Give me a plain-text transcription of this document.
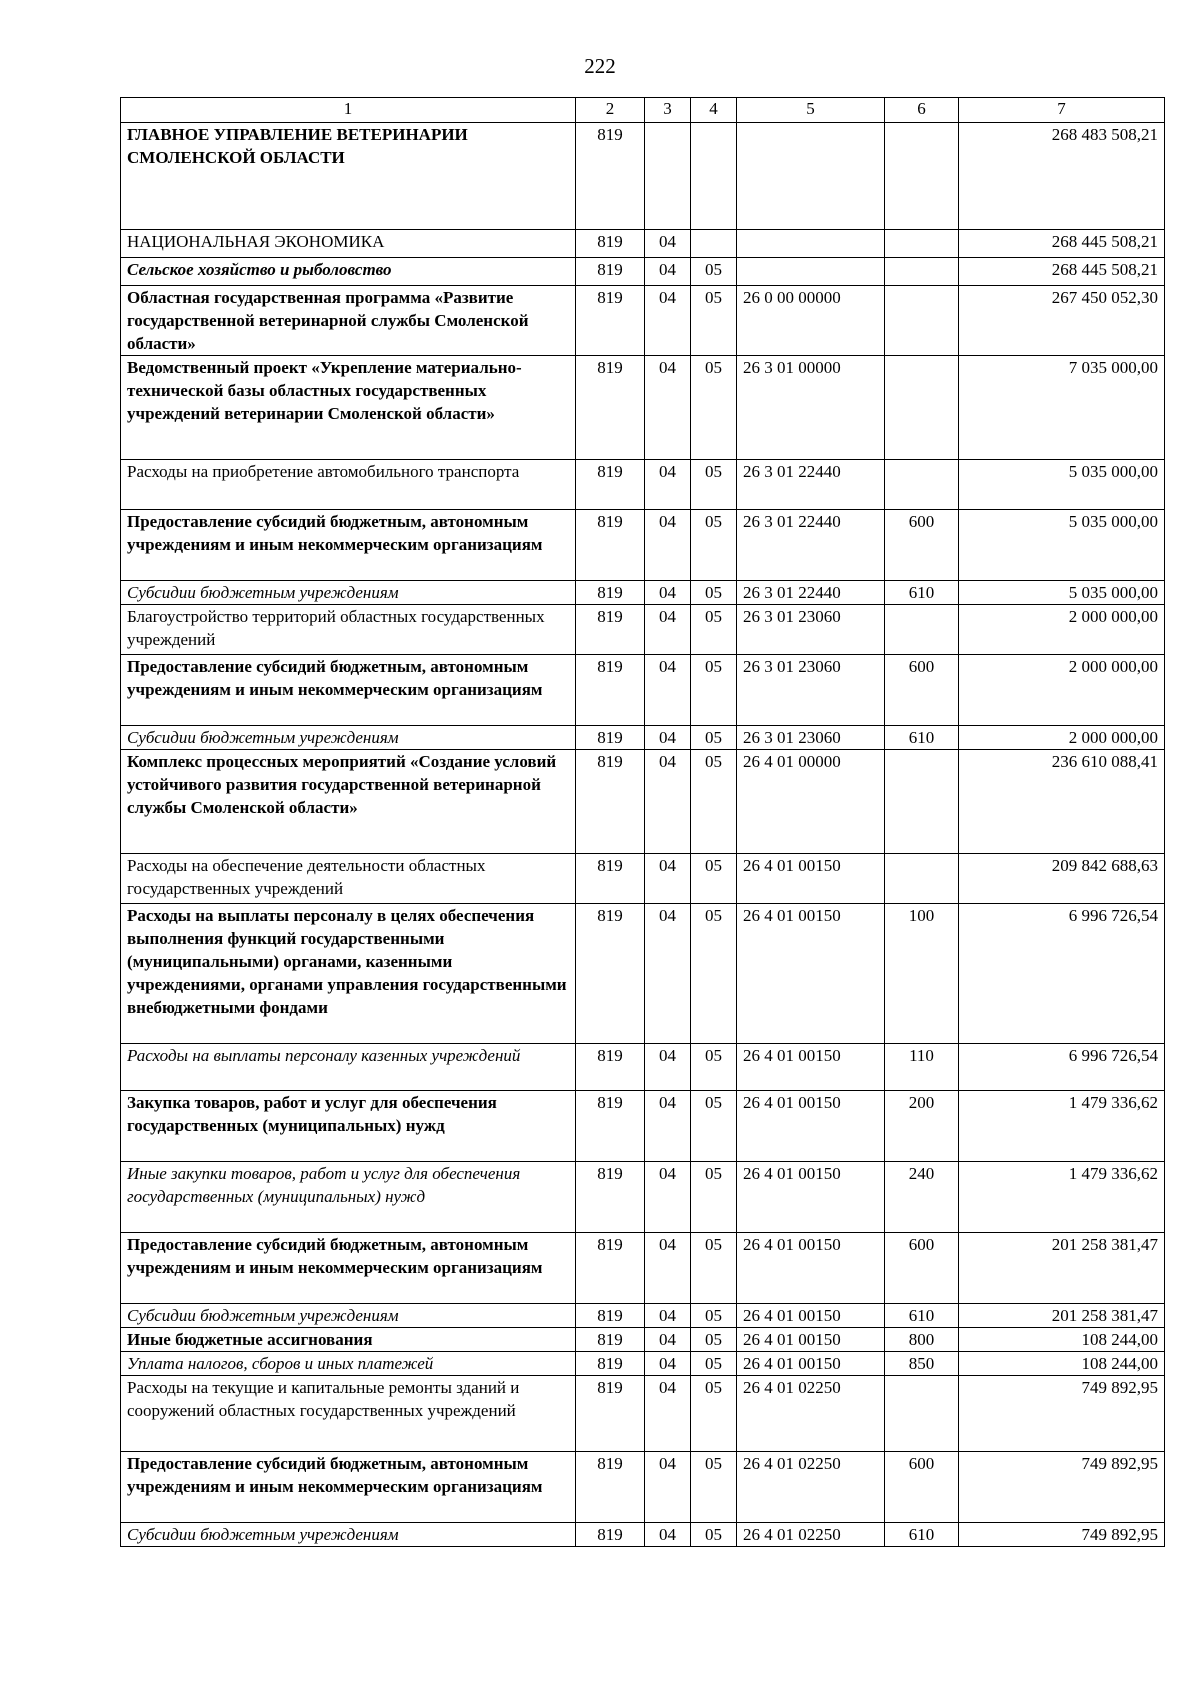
222
1	2	3	4	5	6	7
ГЛАВНОЕ УПРАВЛЕНИЕ ВЕТЕРИНАРИИ СМОЛЕНСКОЙ ОБЛАСТИ	819					268 483 508,21
НАЦИОНАЛЬНАЯ ЭКОНОМИКА	819	04				268 445 508,21
Сельское хозяйство и рыболовство	819	04	05			268 445 508,21
Областная государственная программа «Развитие государственной ветеринарной службы Смоленской области»	819	04	05	26 0 00 00000		267 450 052,30
Ведомственный проект «Укрепление материально-технической базы областных государственных учреждений ветеринарии Смоленской области»	819	04	05	26 3 01 00000		7 035 000,00
Расходы на приобретение автомобильного транспорта	819	04	05	26 3 01 22440		5 035 000,00
Предоставление субсидий бюджетным, автономным учреждениям и иным некоммерческим организациям	819	04	05	26 3 01 22440	600	5 035 000,00
Субсидии бюджетным учреждениям	819	04	05	26 3 01 22440	610	5 035 000,00
Благоустройство территорий областных государственных учреждений	819	04	05	26 3 01 23060		2 000 000,00
Предоставление субсидий бюджетным, автономным учреждениям и иным некоммерческим организациям	819	04	05	26 3 01 23060	600	2 000 000,00
Субсидии бюджетным учреждениям	819	04	05	26 3 01 23060	610	2 000 000,00
Комплекс процессных мероприятий «Создание условий устойчивого развития государственной ветеринарной службы Смоленской области»	819	04	05	26 4 01 00000		236 610 088,41
Расходы на обеспечение деятельности областных государственных учреждений	819	04	05	26 4 01 00150		209 842 688,63
Расходы на выплаты персоналу в целях обеспечения выполнения функций государственными (муниципальными) органами, казенными учреждениями, органами управления государственными внебюджетными фондами	819	04	05	26 4 01 00150	100	6 996 726,54
Расходы на выплаты персоналу казенных учреждений	819	04	05	26 4 01 00150	110	6 996 726,54
Закупка товаров, работ и услуг для обеспечения государственных (муниципальных) нужд	819	04	05	26 4 01 00150	200	1 479 336,62
Иные закупки товаров, работ и услуг для обеспечения государственных (муниципальных) нужд	819	04	05	26 4 01 00150	240	1 479 336,62
Предоставление субсидий бюджетным, автономным учреждениям и иным некоммерческим организациям	819	04	05	26 4 01 00150	600	201 258 381,47
Субсидии бюджетным учреждениям	819	04	05	26 4 01 00150	610	201 258 381,47
Иные бюджетные ассигнования	819	04	05	26 4 01 00150	800	108 244,00
Уплата налогов, сборов и иных платежей	819	04	05	26 4 01 00150	850	108 244,00
Расходы на текущие и капитальные ремонты зданий и сооружений областных государственных учреждений	819	04	05	26 4 01 02250		749 892,95
Предоставление субсидий бюджетным, автономным учреждениям и иным некоммерческим организациям	819	04	05	26 4 01 02250	600	749 892,95
Субсидии бюджетным учреждениям	819	04	05	26 4 01 02250	610	749 892,95
